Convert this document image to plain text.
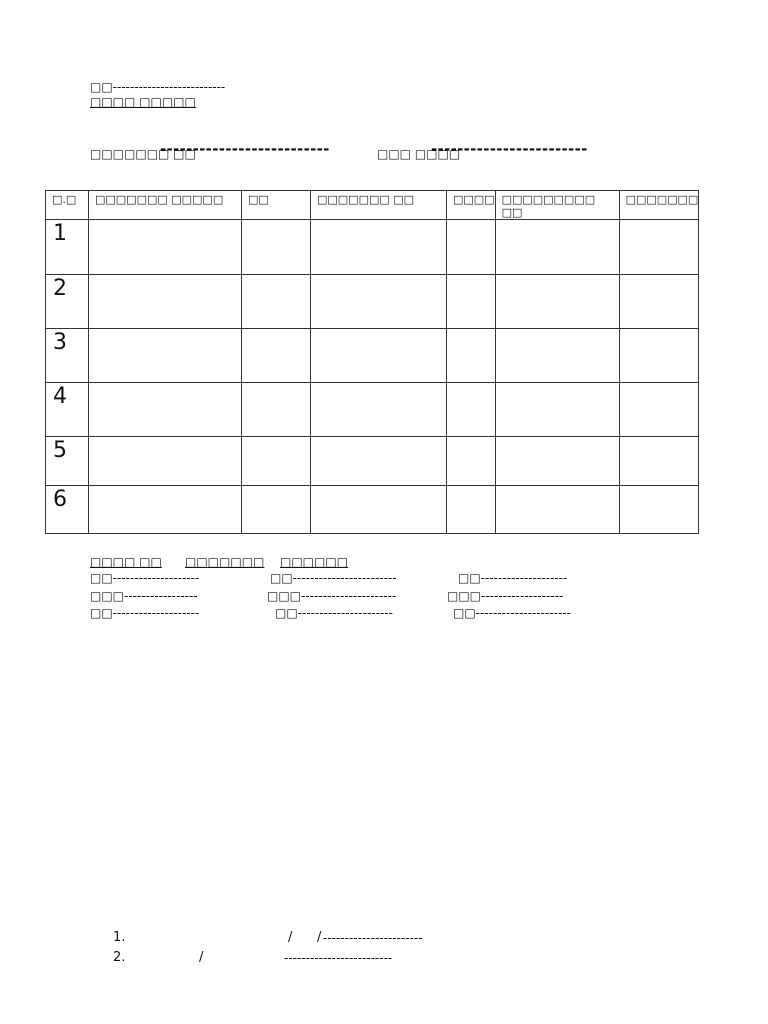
□□--------------------------
□□□□ □□□□□
□□□□□□□ □□
--------------------------	□□□ □□□□
------------------------
□.□	□□□□□□□ □□□□□	□□	□□□□□□□ □□	□□□□	□□□□□□□□□ □□	□□□□□□□
1						
2						
3						
4						
5						
6						
□□□□ □□ □□□□□□□ □□□□□□
□□--------------------
□□□-----------------
□□--------------------
□□------------------------
□□□----------------------
□□----------------------
□□--------------------
□□□-------------------
□□----------------------
1.	/ / -----------------------
2.	/	-------------------------
